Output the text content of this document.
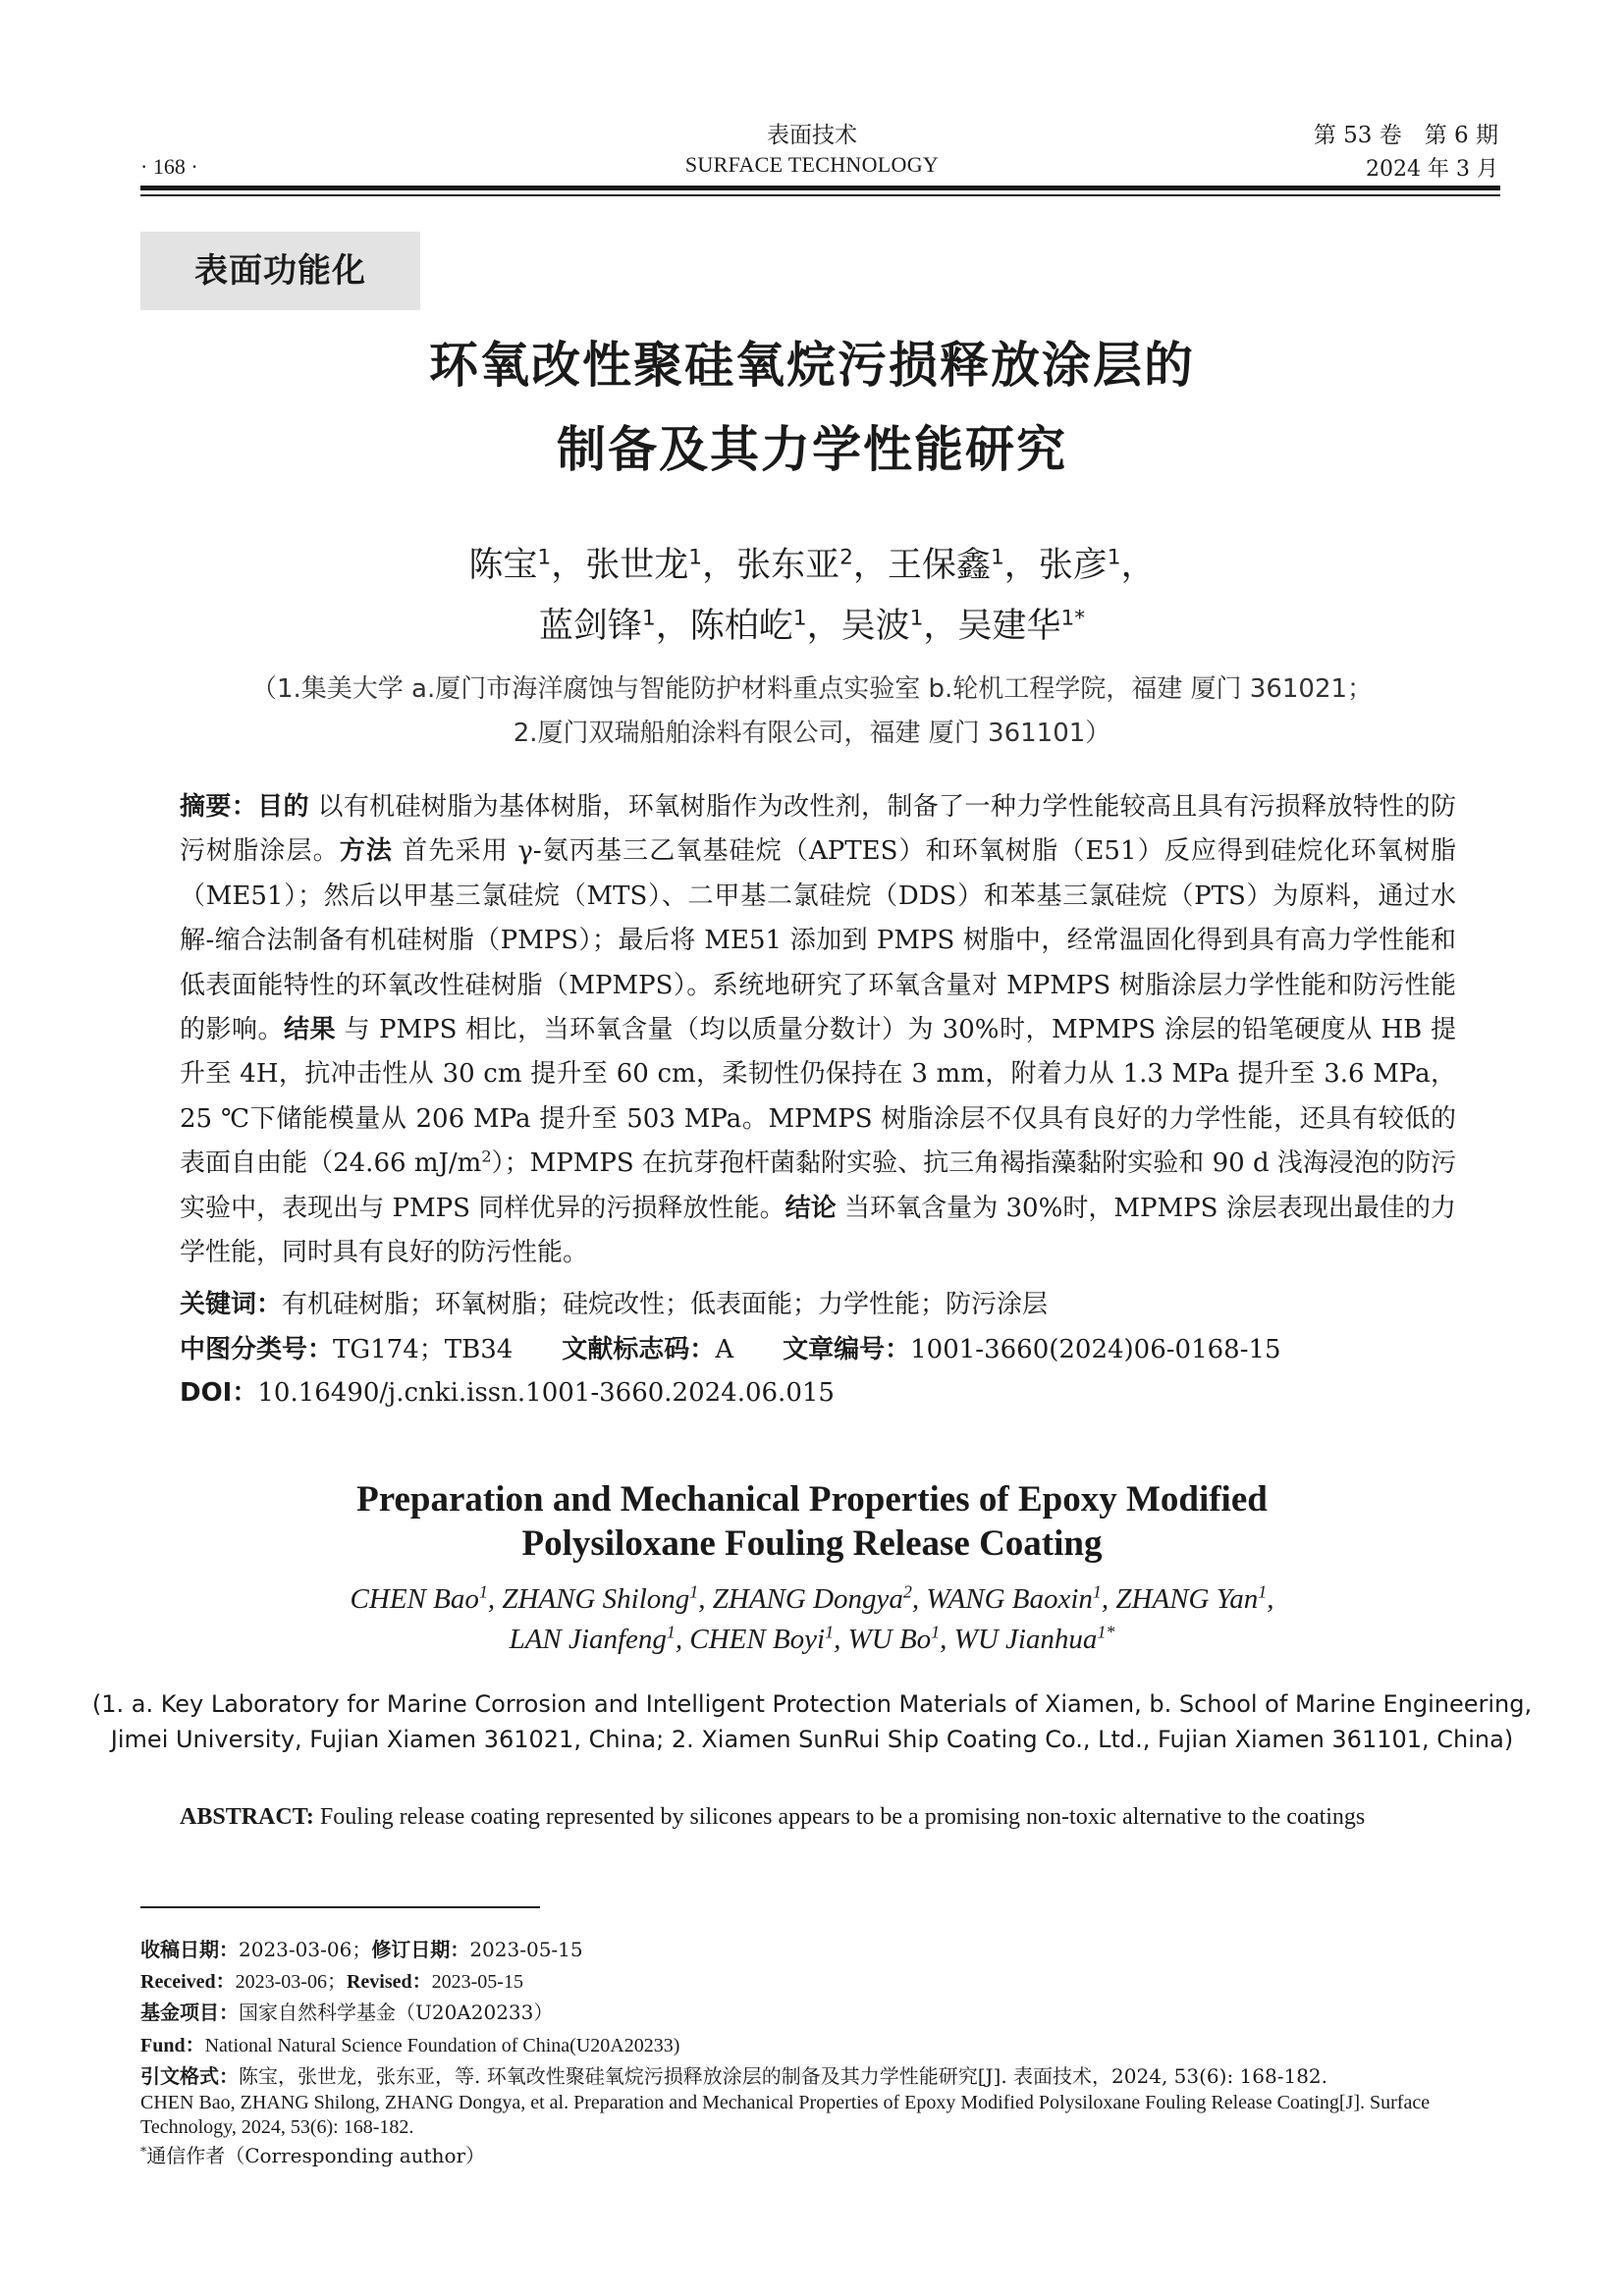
· 168 ·
表面技术
SURFACE TECHNOLOGY
第 53 卷　第 6 期
2024 年 3 月
表面功能化
环氧改性聚硅氧烷污损释放涂层的
制备及其力学性能研究
陈宝$^1$，张世龙$^1$，张东亚$^2$，王保鑫$^1$，张彦$^1$，
蓝剑锋$^1$，陈柏屹$^1$，吴波$^1$，吴建华$^{1*}$
（1.集美大学 a.厦门市海洋腐蚀与智能防护材料重点实验室 b.轮机工程学院，福建 厦门 361021；
2.厦门双瑞船舶涂料有限公司，福建 厦门 361101）
摘要：目的 以有机硅树脂为基体树脂，环氧树脂作为改性剂，制备了一种力学性能较高且具有污损释放特性的防污树脂涂层。方法 首先采用 γ-氨丙基三乙氧基硅烷（APTES）和环氧树脂（E51）反应得到硅烷化环氧树脂（ME51）；然后以甲基三氯硅烷（MTS）、二甲基二氯硅烷（DDS）和苯基三氯硅烷（PTS）为原料，通过水解-缩合法制备有机硅树脂（PMPS）；最后将 ME51 添加到 PMPS 树脂中，经常温固化得到具有高力学性能和低表面能特性的环氧改性硅树脂（MPMPS）。系统地研究了环氧含量对 MPMPS 树脂涂层力学性能和防污性能的影响。结果 与 PMPS 相比，当环氧含量（均以质量分数计）为 30%时，MPMPS 涂层的铅笔硬度从 HB 提升至 4H，抗冲击性从 30 cm 提升至 60 cm，柔韧性仍保持在 3 mm，附着力从 1.3 MPa 提升至 3.6 MPa，25 ℃下储能模量从 206 MPa 提升至 503 MPa。MPMPS 树脂涂层不仅具有良好的力学性能，还具有较低的表面自由能（24.66 $mJ/m^2$）；MPMPS 在抗芽孢杆菌黏附实验、抗三角褐指藻黏附实验和 90 d 浅海浸泡的防污实验中，表现出与 PMPS 同样优异的污损释放性能。结论 当环氧含量为 30%时，MPMPS 涂层表现出最佳的力学性能，同时具有良好的防污性能。
关键词：有机硅树脂；环氧树脂；硅烷改性；低表面能；力学性能；防污涂层
中图分类号：TG174；TB34 文献标志码：A 文章编号：1001-3660(2024)06-0168-15
DOI：10.16490/j.cnki.issn.1001-3660.2024.06.015
Preparation and Mechanical Properties of Epoxy Modified
Polysiloxane Fouling Release Coating
CHEN Bao$^1$, ZHANG Shilong$^1$, ZHANG Dongya$^2$, WANG Baoxin$^1$, ZHANG Yan$^1$,
LAN Jianfeng$^1$, CHEN Boyi$^1$, WU Bo$^1$, WU Jianhua$^{1*}$
(1. a. Key Laboratory for Marine Corrosion and Intelligent Protection Materials of Xiamen, b. School of Marine Engineering,
Jimei University, Fujian Xiamen 361021, China; 2. Xiamen SunRui Ship Coating Co., Ltd., Fujian Xiamen 361101, China)
ABSTRACT: Fouling release coating represented by silicones appears to be a promising non-toxic alternative to the coatings
收稿日期：2023-03-06；修订日期：2023-05-15
Received：2023-03-06；Revised：2023-05-15
基金项目：国家自然科学基金（U20A20233）
Fund：National Natural Science Foundation of China(U20A20233)
引文格式：陈宝，张世龙，张东亚，等. 环氧改性聚硅氧烷污损释放涂层的制备及其力学性能研究[J]. 表面技术，2024, 53(6): 168-182.
CHEN Bao, ZHANG Shilong, ZHANG Dongya, et al. Preparation and Mechanical Properties of Epoxy Modified Polysiloxane Fouling Release Coating[J]. Surface Technology, 2024, 53(6): 168-182.
*通信作者（Corresponding author）
